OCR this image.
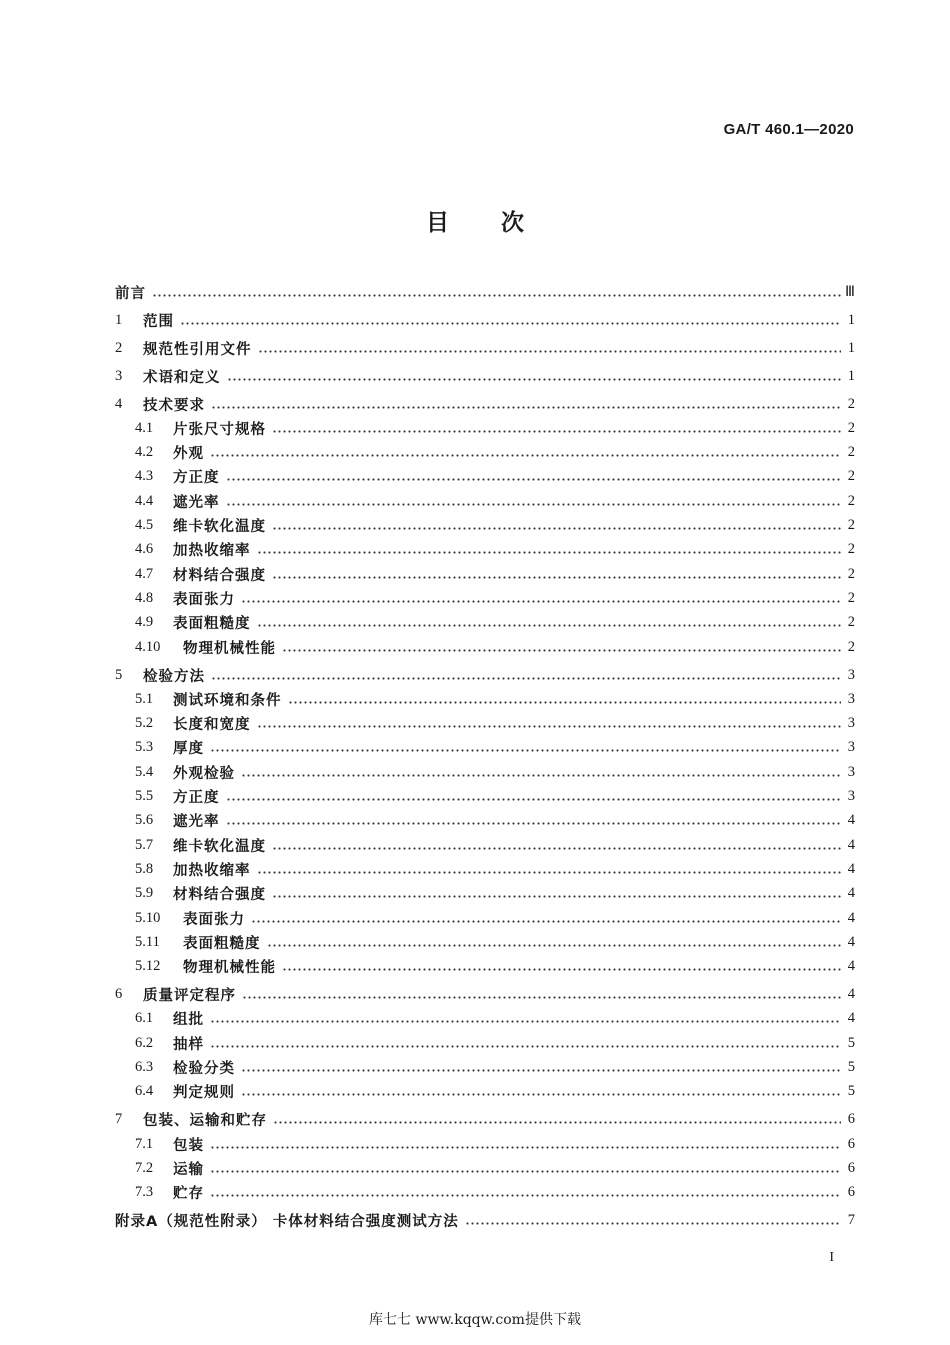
GA/T 460.1—2020
目 次
前言	Ⅲ
1	范围	1
2	规范性引用文件	1
3	术语和定义	1
4	技术要求	2
4.1	片张尺寸规格	2
4.2	外观	2
4.3	方正度	2
4.4	遮光率	2
4.5	维卡软化温度	2
4.6	加热收缩率	2
4.7	材料结合强度	2
4.8	表面张力	2
4.9	表面粗糙度	2
4.10	物理机械性能	2
5	检验方法	3
5.1	测试环境和条件	3
5.2	长度和宽度	3
5.3	厚度	3
5.4	外观检验	3
5.5	方正度	3
5.6	遮光率	4
5.7	维卡软化温度	4
5.8	加热收缩率	4
5.9	材料结合强度	4
5.10	表面张力	4
5.11	表面粗糙度	4
5.12	物理机械性能	4
6	质量评定程序	4
6.1	组批	4
6.2	抽样	5
6.3	检验分类	5
6.4	判定规则	5
7	包装、运输和贮存	6
7.1	包装	6
7.2	运输	6
7.3	贮存	6
附录A（规范性附录） 卡体材料结合强度测试方法	7
I
库七七 www.kqqw.com提供下载
